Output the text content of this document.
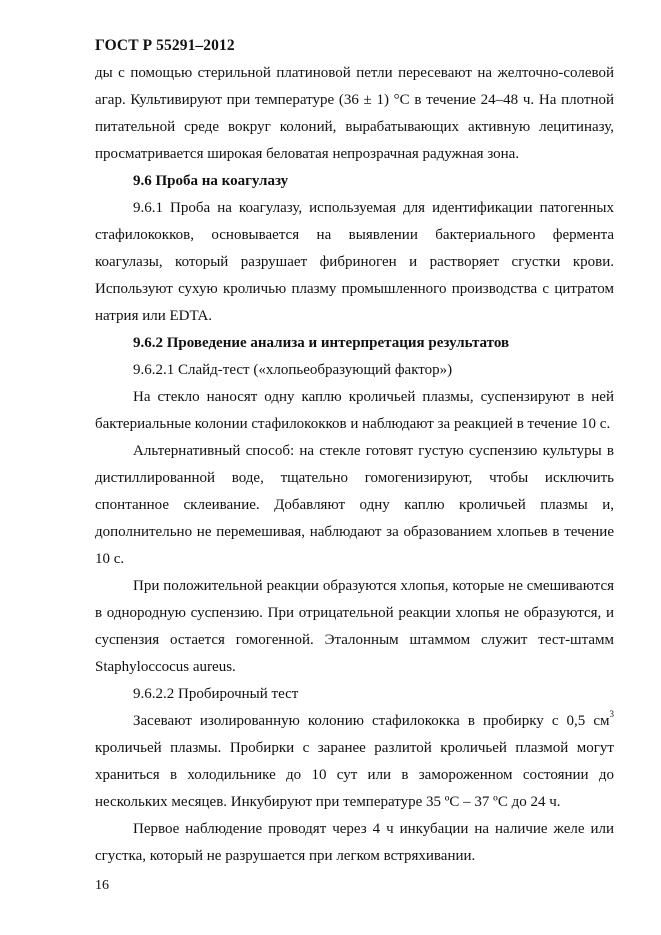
ГОСТ Р 55291–2012

ды с помощью стерильной платиновой петли пересевают на желточно-солевой агар. Культивируют при температуре (36 ± 1) °С в течение 24–48 ч. На плотной питательной среде вокруг колоний, вырабатывающих активную лецитиназу, просматривается широкая беловатая непрозрачная радужная зона.

9.6 Проба на коагулазу

9.6.1 Проба на коагулазу, используемая для идентификации патогенных стафилококков, основывается на выявлении бактериального фермента коагулазы, который разрушает фибриноген и растворяет сгустки крови. Используют сухую кроличью плазму промышленного производства с цитратом натрия или EDTA.

9.6.2 Проведение анализа и интерпретация результатов

9.6.2.1 Слайд-тест («хлопьеобразующий фактор»)

На стекло наносят одну каплю кроличьей плазмы, суспензируют в ней бактериальные колонии стафилококков и наблюдают за реакцией в течение 10 с.

Альтернативный способ: на стекле готовят густую суспензию культуры в дистиллированной воде, тщательно гомогенизируют, чтобы исключить спонтанное склеивание. Добавляют одну каплю кроличьей плазмы и, дополнительно не перемешивая, наблюдают за образованием хлопьев в течение 10 с.

При положительной реакции образуются хлопья, которые не смешиваются в однородную суспензию. При отрицательной реакции хлопья не образуются, и суспензия остается гомогенной. Эталонным штаммом служит тест-штамм Staphyloccocus aureus.

9.6.2.2 Пробирочный тест

Засевают изолированную колонию стафилококка в пробирку с 0,5 $см^3$ кроличьей плазмы. Пробирки с заранее разлитой кроличьей плазмой могут храниться в холодильнике до 10 сут или в замороженном состоянии до нескольких месяцев. Инкубируют при температуре 35 ºС – 37 ºС до 24 ч.

Первое наблюдение проводят через 4 ч инкубации на наличие желе или сгустка, который не разрушается при легком встряхивании.

16
